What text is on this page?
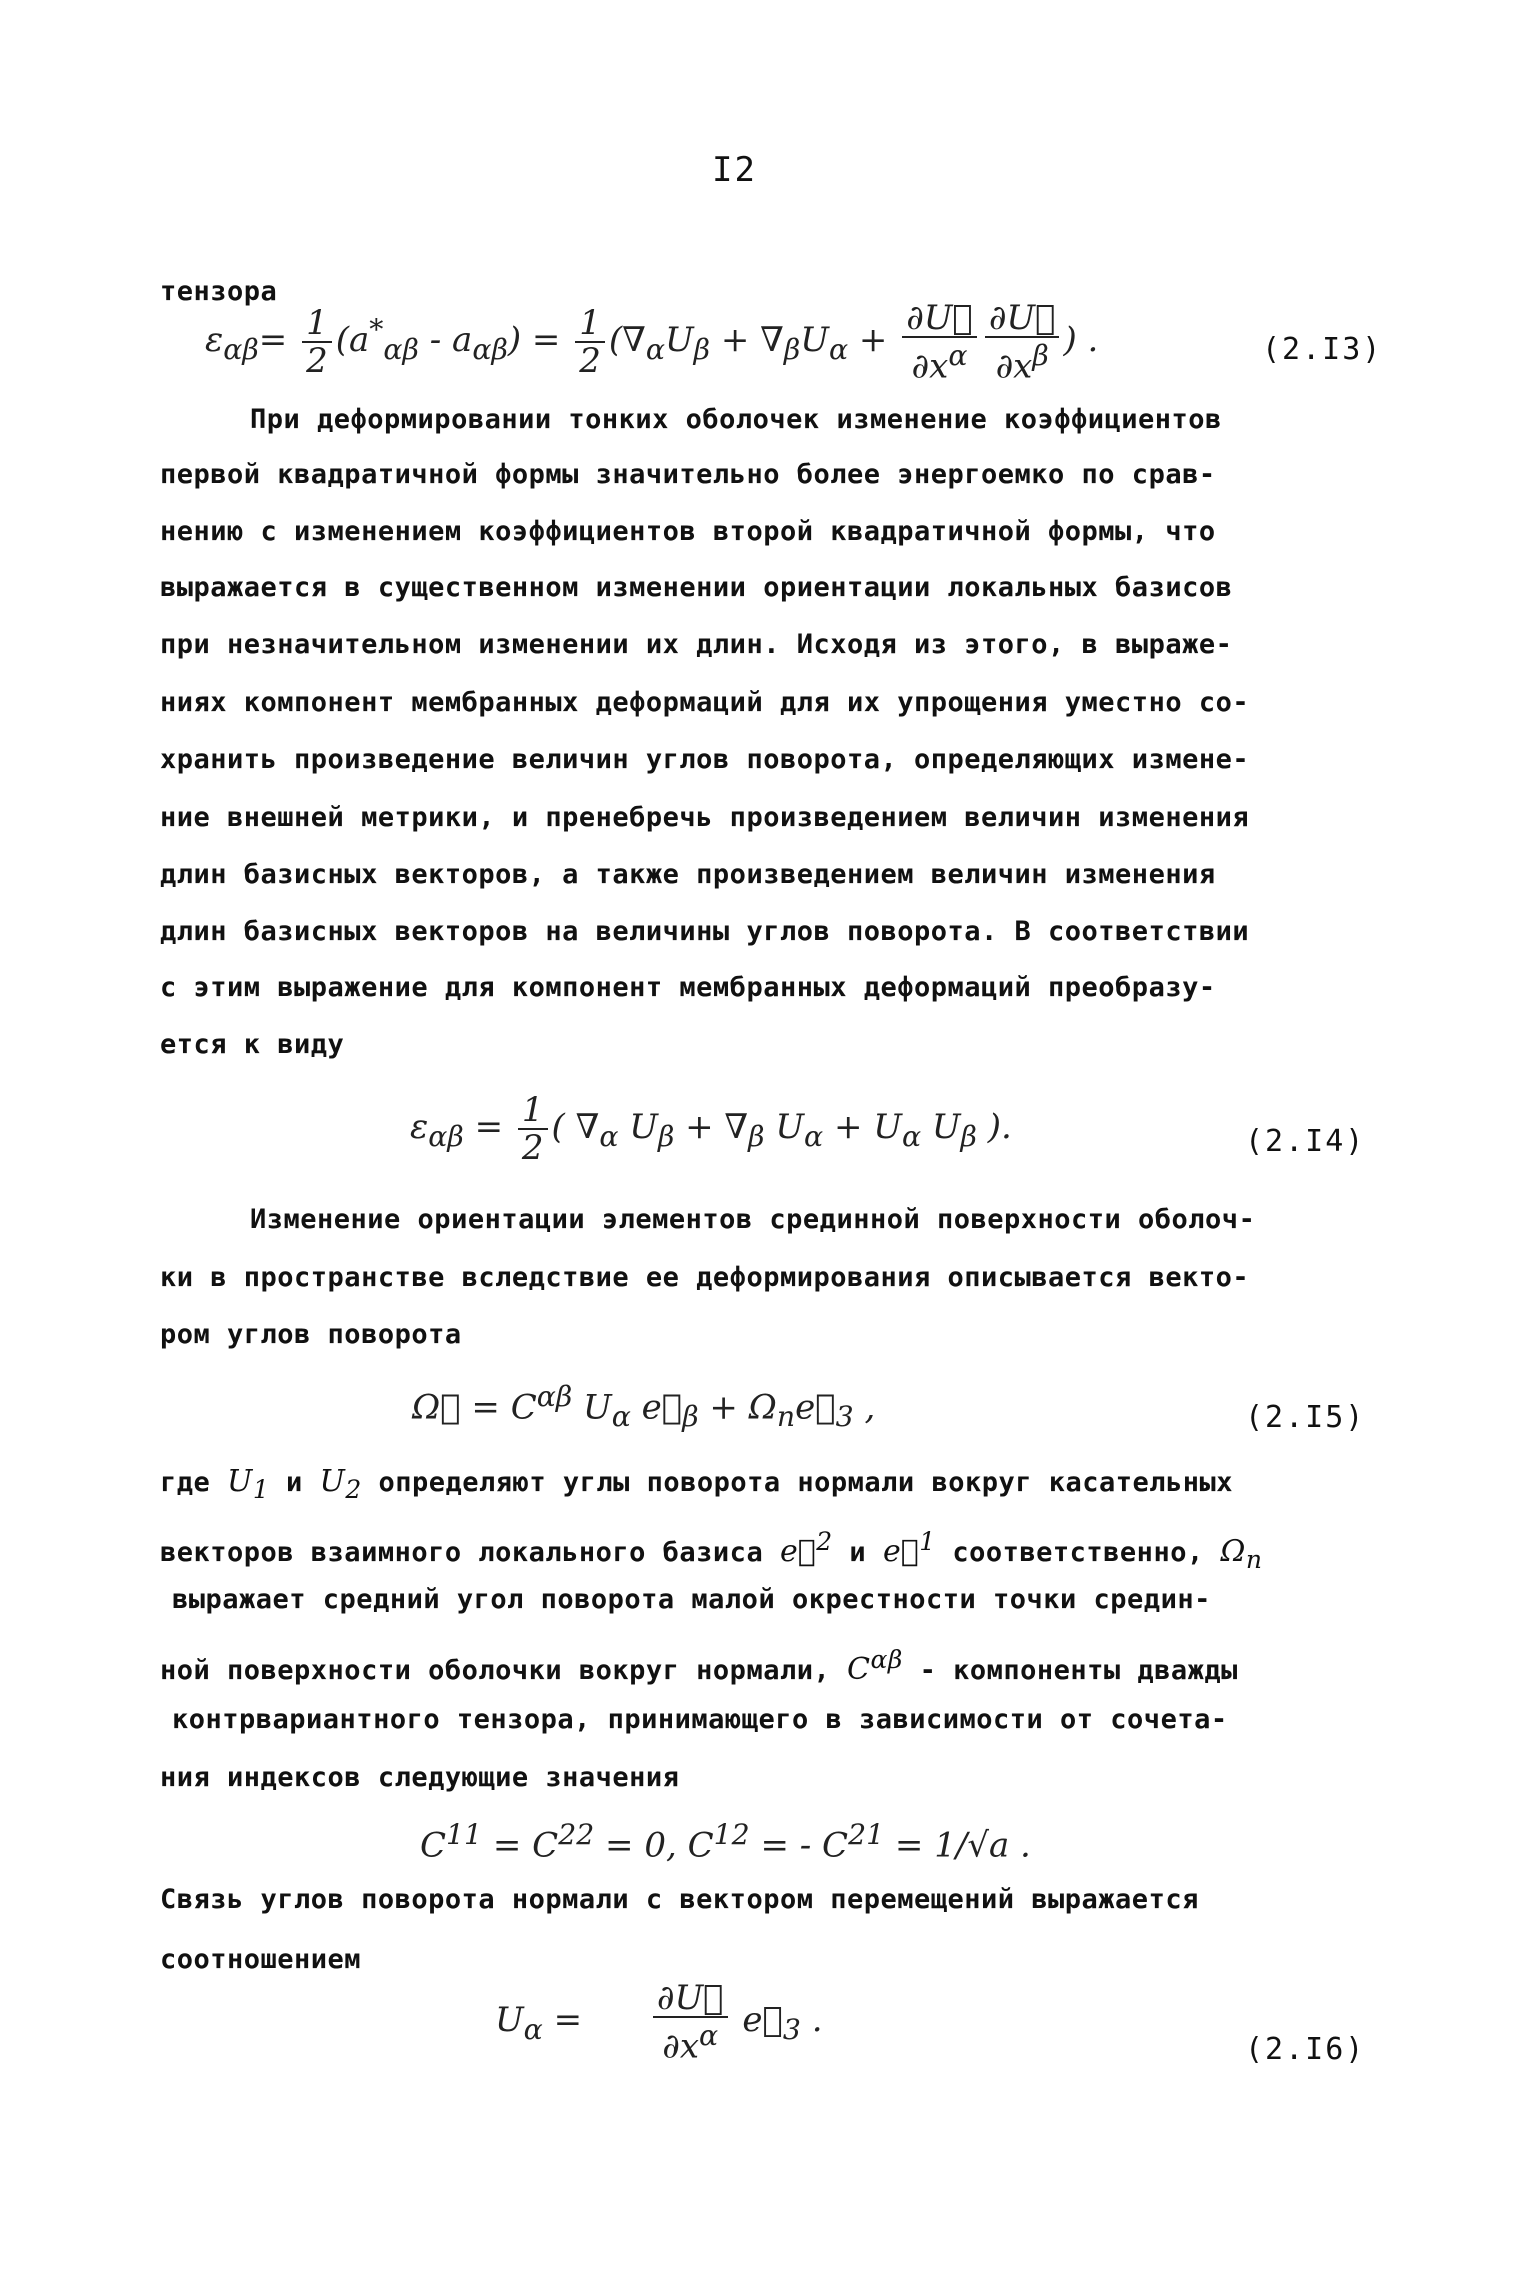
I2
тензора
$\varepsilon_{\alpha\beta}= \frac{1}{2} (a^*_{\alpha\beta} - a_{\alpha\beta}) = \frac{1}{2} (\nabla_\alpha U_\beta + \nabla_\beta U_\alpha + \frac{\partial U⃗}{\partial x^\alpha} \frac{\partial U⃗}{\partial x^\beta}$ ) .	(2.I3)
При деформировании тонких оболочек изменение коэффициентов
первой квадратичной формы значительно более энергоемко по срав-
нению с изменением коэффициентов второй квадратичной формы, что
выражается в существенном изменении ориентации локальных базисов
при незначительном изменении их длин. Исходя из этого, в выраже-
ниях компонент мембранных деформаций для их упрощения уместно со-
хранить произведение величин углов поворота, определяющих измене-
ние внешней метрики, и пренебречь произведением величин изменения
длин базисных векторов, а также произведением величин изменения
длин базисных векторов на величины углов поворота. В соответствии
с этим выражение для компонент мембранных деформаций преобразу-
ется к виду
$\varepsilon_{\alpha\beta} = \frac{1}{2}$ ( $\nabla_\alpha$ $U_\beta + \nabla_\beta$ $U_\alpha + U_\alpha$ $U_\beta$ ).	(2.I4)
Изменение ориентации элементов срединной поверхности оболоч-
ки в пространстве вследствие ее деформирования описывается векто-
ром углов поворота
Ω⃗ = $C^{\alpha\beta}$ $U_\alpha$ $e⃗_\beta$ + $\Omega_ne⃗_3$ ,	(2.I5)
где $U_1$ и $U_2$ определяют углы поворота нормали вокруг касательных
векторов взаимного локального базиса e⃗$^2$ и e⃗$^1$ соответственно, $\Omega_n$
выражает средний угол поворота малой окрестности точки средин-
ной поверхности оболочки вокруг нормали, $C^{\alpha\beta}$ - компоненты дважды
контрвариантного тензора, принимающего в зависимости от сочета-
ния индексов следующие значения
$C^{11} = C^{22} = 0$, $C^{12}$ = - $C^{21} = 1/√a$ .
Связь углов поворота нормали с вектором перемещений выражается
соотношением
$U_\alpha = \frac{\partial U⃗}{\partial x^\alpha}$ $e⃗_3$ .
(2.I6)
